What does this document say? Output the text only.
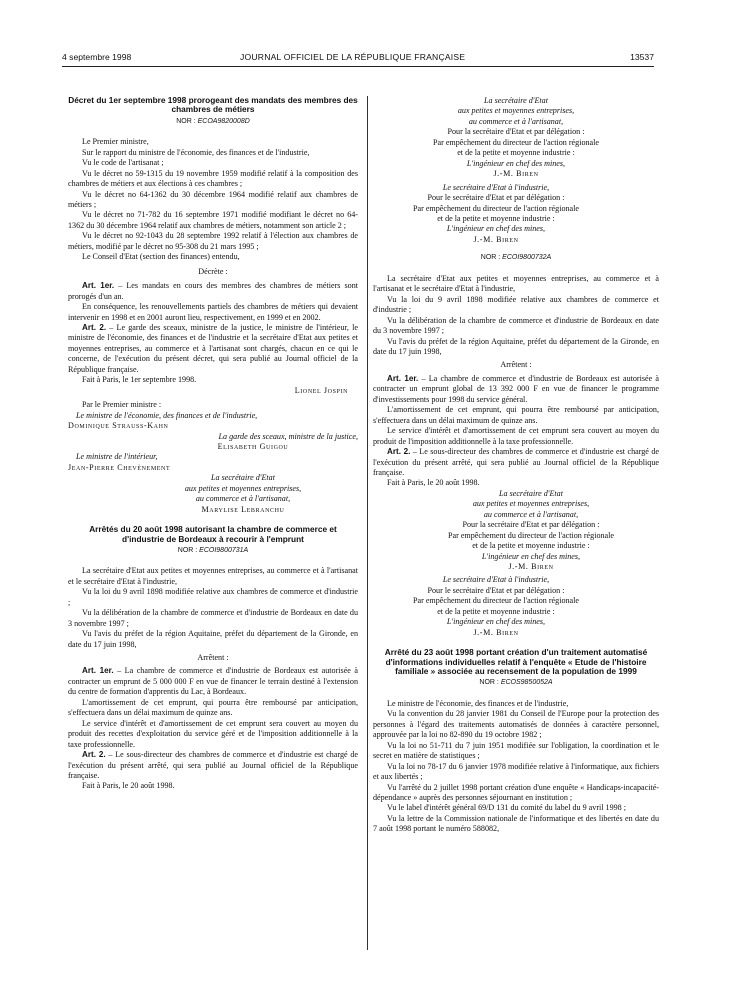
4 septembre 1998	JOURNAL OFFICIEL DE LA RÉPUBLIQUE FRANÇAISE	13537
Décret du 1er septembre 1998 prorogeant des mandats des membres des chambres de métiers
NOR : ECOA9820008D

Le Premier ministre,

Sur le rapport du ministre de l'économie, des finances et de l'industrie,

Vu le code de l'artisanat ;

Vu le décret no 59-1315 du 19 novembre 1959 modifié relatif à la composition des chambres de métiers et aux élections à ces chambres ;

Vu le décret no 64-1362 du 30 décembre 1964 modifié relatif aux chambres de métiers ;

Vu le décret no 71-782 du 16 septembre 1971 modifié modifiant le décret no 64-1362 du 30 décembre 1964 relatif aux chambres de métiers, notamment son article 2 ;

Vu le décret no 92-1043 du 28 septembre 1992 relatif à l'élection aux chambres de métiers, modifié par le décret no 95-308 du 21 mars 1995 ;

Le Conseil d'Etat (section des finances) entendu,

Décrète :

Art. 1er. – Les mandats en cours des membres des chambres de métiers sont prorogés d'un an.

En conséquence, les renouvellements partiels des chambres de métiers qui devaient intervenir en 1998 et en 2001 auront lieu, respectivement, en 1999 et en 2002.

Art. 2. – Le garde des sceaux, ministre de la justice, le ministre de l'intérieur, le ministre de l'économie, des finances et de l'industrie et la secrétaire d'Etat aux petites et moyennes entreprises, au commerce et à l'artisanat sont chargés, chacun en ce qui le concerne, de l'exécution du présent décret, qui sera publié au Journal officiel de la République française.

Fait à Paris, le 1er septembre 1998.

Lionel Jospin

Par le Premier ministre :

Le ministre de l'économie, des finances et de l'industrie,

Dominique Strauss-Kahn

La garde des sceaux, ministre de la justice,

Elisabeth Guigou

Le ministre de l'intérieur,

Jean-Pierre Chevènement

La secrétaire d'Etat

aux petites et moyennes entreprises,

au commerce et à l'artisanat,

Marylise Lebranchu

Arrêtés du 20 août 1998 autorisant la chambre de commerce et d'industrie de Bordeaux à recourir à l'emprunt
NOR : ECOI9800731A

La secrétaire d'Etat aux petites et moyennes entreprises, au commerce et à l'artisanat et le secrétaire d'Etat à l'industrie,

Vu la loi du 9 avril 1898 modifiée relative aux chambres de commerce et d'industrie ;

Vu la délibération de la chambre de commerce et d'industrie de Bordeaux en date du 3 novembre 1997 ;

Vu l'avis du préfet de la région Aquitaine, préfet du département de la Gironde, en date du 17 juin 1998,

Arrêtent :

Art. 1er. – La chambre de commerce et d'industrie de Bordeaux est autorisée à contracter un emprunt de 5 000 000 F en vue de financer le terrain destiné à l'extension du centre de formation d'apprentis du Lac, à Bordeaux.

L'amortissement de cet emprunt, qui pourra être remboursé par anticipation, s'effectuera dans un délai maximum de quinze ans.

Le service d'intérêt et d'amortissement de cet emprunt sera couvert au moyen du produit des recettes d'exploitation du service géré et de l'imposition additionnelle à la taxe professionnelle.

Art. 2. – Le sous-directeur des chambres de commerce et d'industrie est chargé de l'exécution du présent arrêté, qui sera publié au Journal officiel de la République française.

Fait à Paris, le 20 août 1998.

La secrétaire d'Etat

aux petites et moyennes entreprises,

au commerce et à l'artisanat,

Pour la secrétaire d'Etat et par délégation :

Par empêchement du directeur de l'action régionale

et de la petite et moyenne industrie :

L'ingénieur en chef des mines,

J.-M. Biren

Le secrétaire d'Etat à l'industrie,

Pour le secrétaire d'Etat et par délégation :

Par empêchement du directeur de l'action régionale

et de la petite et moyenne industrie :

L'ingénieur en chef des mines,

J.-M. Biren

NOR : ECOI9800732A

La secrétaire d'Etat aux petites et moyennes entreprises, au commerce et à l'artisanat et le secrétaire d'Etat à l'industrie,

Vu la loi du 9 avril 1898 modifiée relative aux chambres de commerce et d'industrie ;

Vu la délibération de la chambre de commerce et d'industrie de Bordeaux en date du 3 novembre 1997 ;

Vu l'avis du préfet de la région Aquitaine, préfet du département de la Gironde, en date du 17 juin 1998,

Arrêtent :

Art. 1er. – La chambre de commerce et d'industrie de Bordeaux est autorisée à contracter un emprunt global de 13 392 000 F en vue de financer le programme d'investissements pour 1998 du service général.

L'amortissement de cet emprunt, qui pourra être remboursé par anticipation, s'effectuera dans un délai maximum de quinze ans.

Le service d'intérêt et d'amortissement de cet emprunt sera couvert au moyen du produit de l'imposition additionnelle à la taxe professionnelle.

Art. 2. – Le sous-directeur des chambres de commerce et d'industrie est chargé de l'exécution du présent arrêté, qui sera publié au Journal officiel de la République française.

Fait à Paris, le 20 août 1998.

La secrétaire d'Etat

aux petites et moyennes entreprises,

au commerce et à l'artisanat,

Pour la secrétaire d'Etat et par délégation :

Par empêchement du directeur de l'action régionale

et de la petite et moyenne industrie :

L'ingénieur en chef des mines,

J.-M. Biren

Le secrétaire d'Etat à l'industrie,

Pour le secrétaire d'Etat et par délégation :

Par empêchement du directeur de l'action régionale

et de la petite et moyenne industrie :

L'ingénieur en chef des mines,

J.-M. Biren

Arrêté du 23 août 1998 portant création d'un traitement automatisé d'informations individuelles relatif à l'enquête « Etude de l'histoire familiale » associée au recensement de la population de 1999
NOR : ECOS9850052A

Le ministre de l'économie, des finances et de l'industrie,

Vu la convention du 28 janvier 1981 du Conseil de l'Europe pour la protection des personnes à l'égard des traitements automatisés de données à caractère personnel, approuvée par la loi no 82-890 du 19 octobre 1982 ;

Vu la loi no 51-711 du 7 juin 1951 modifiée sur l'obligation, la coordination et le secret en matière de statistiques ;

Vu la loi no 78-17 du 6 janvier 1978 modifiée relative à l'informatique, aux fichiers et aux libertés ;

Vu l'arrêté du 2 juillet 1998 portant création d'une enquête « Handicaps-incapacité-dépendance » auprès des personnes séjournant en institution ;

Vu le label d'intérêt général 69/D 131 du comité du label du 9 avril 1998 ;

Vu la lettre de la Commission nationale de l'informatique et des libertés en date du 7 août 1998 portant le numéro 588082,
